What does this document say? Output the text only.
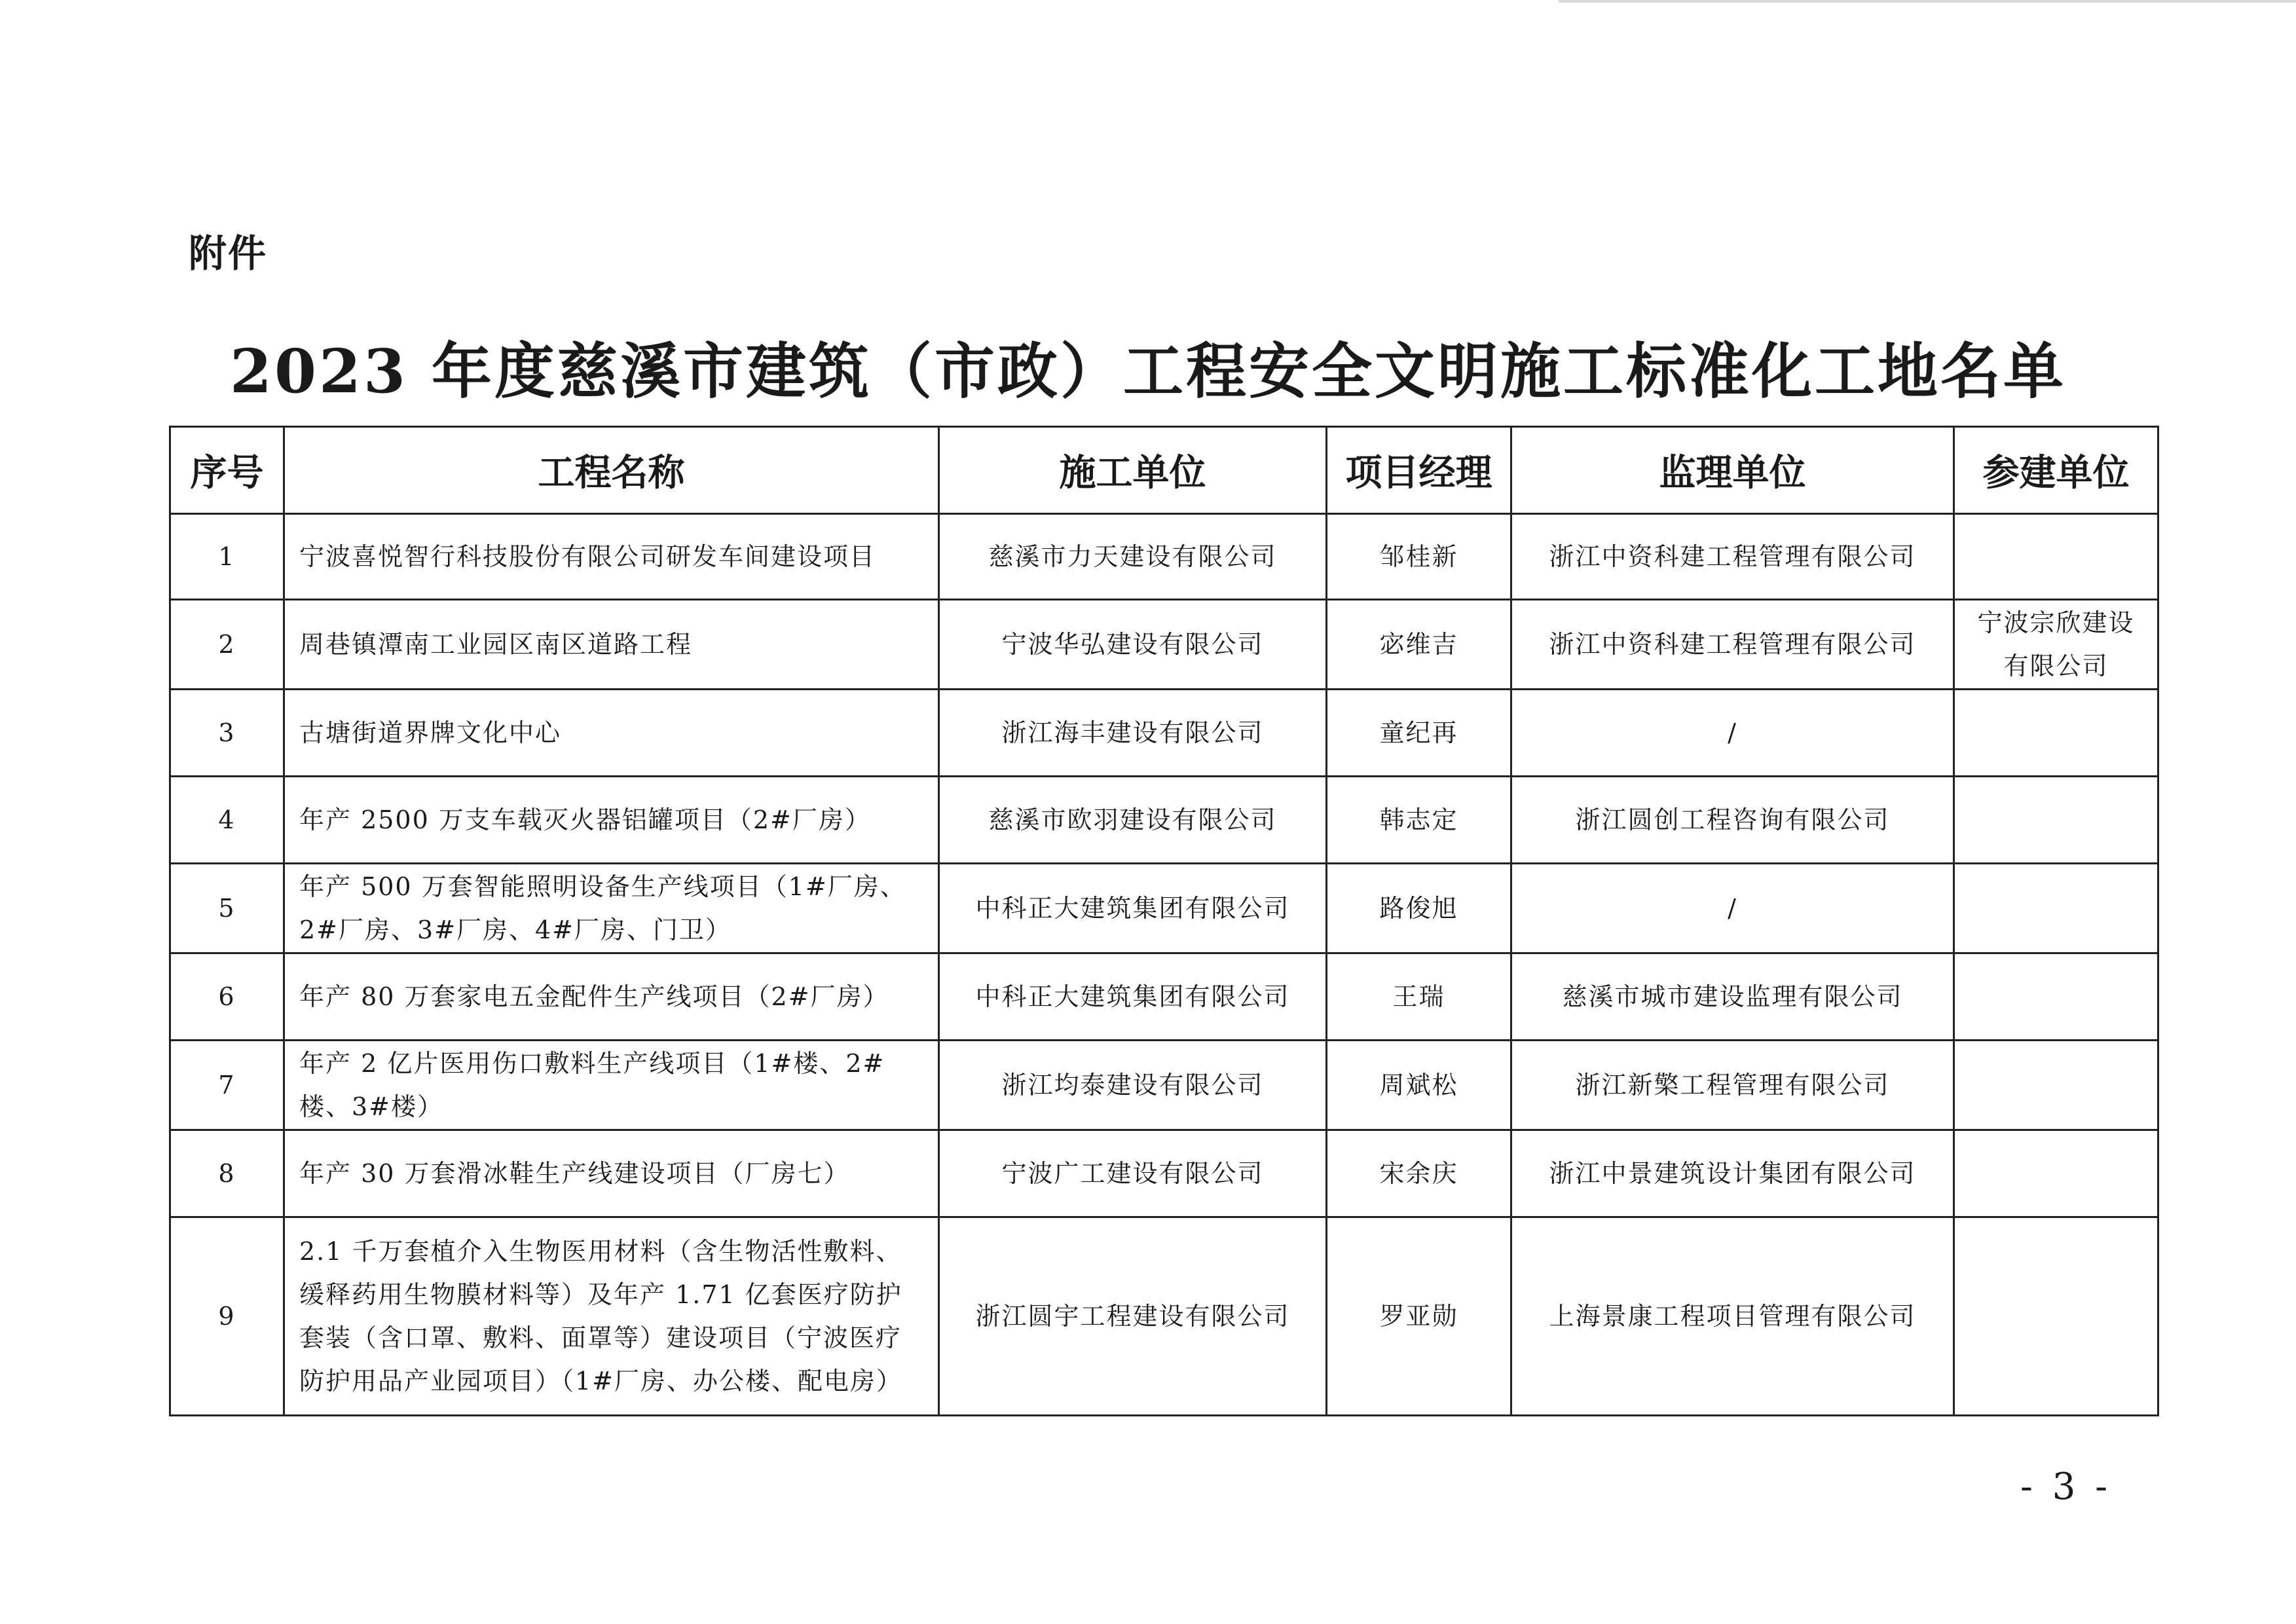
附件
2023 年度慈溪市建筑（市政）工程安全文明施工标准化工地名单
序号	工程名称	施工单位	项目经理	监理单位	参建单位
1	宁波喜悦智行科技股份有限公司研发车间建设项目	慈溪市力天建设有限公司	邹桂新	浙江中资科建工程管理有限公司	
2	周巷镇潭南工业园区南区道路工程	宁波华弘建设有限公司	宓维吉	浙江中资科建工程管理有限公司	宁波宗欣建设有限公司
3	古塘街道界牌文化中心	浙江海丰建设有限公司	童纪再	/	
4	年产 2500 万支车载灭火器铝罐项目（2#厂房）	慈溪市欧羽建设有限公司	韩志定	浙江圆创工程咨询有限公司	
5	年产 500 万套智能照明设备生产线项目（1#厂房、2#厂房、3#厂房、4#厂房、门卫）	中科正大建筑集团有限公司	路俊旭	/	
6	年产 80 万套家电五金配件生产线项目（2#厂房）	中科正大建筑集团有限公司	王瑞	慈溪市城市建设监理有限公司	
7	年产 2 亿片医用伤口敷料生产线项目（1#楼、2#楼、3#楼）	浙江均泰建设有限公司	周斌松	浙江新檠工程管理有限公司	
8	年产 30 万套滑冰鞋生产线建设项目（厂房七）	宁波广工建设有限公司	宋余庆	浙江中景建筑设计集团有限公司	
9	2.1 千万套植介入生物医用材料（含生物活性敷料、缓释药用生物膜材料等）及年产 1.71 亿套医疗防护套装（含口罩、敷料、面罩等）建设项目（宁波医疗防护用品产业园项目）（1#厂房、办公楼、配电房）	浙江圆宇工程建设有限公司	罗亚勋	上海景康工程项目管理有限公司	
- 3 -
